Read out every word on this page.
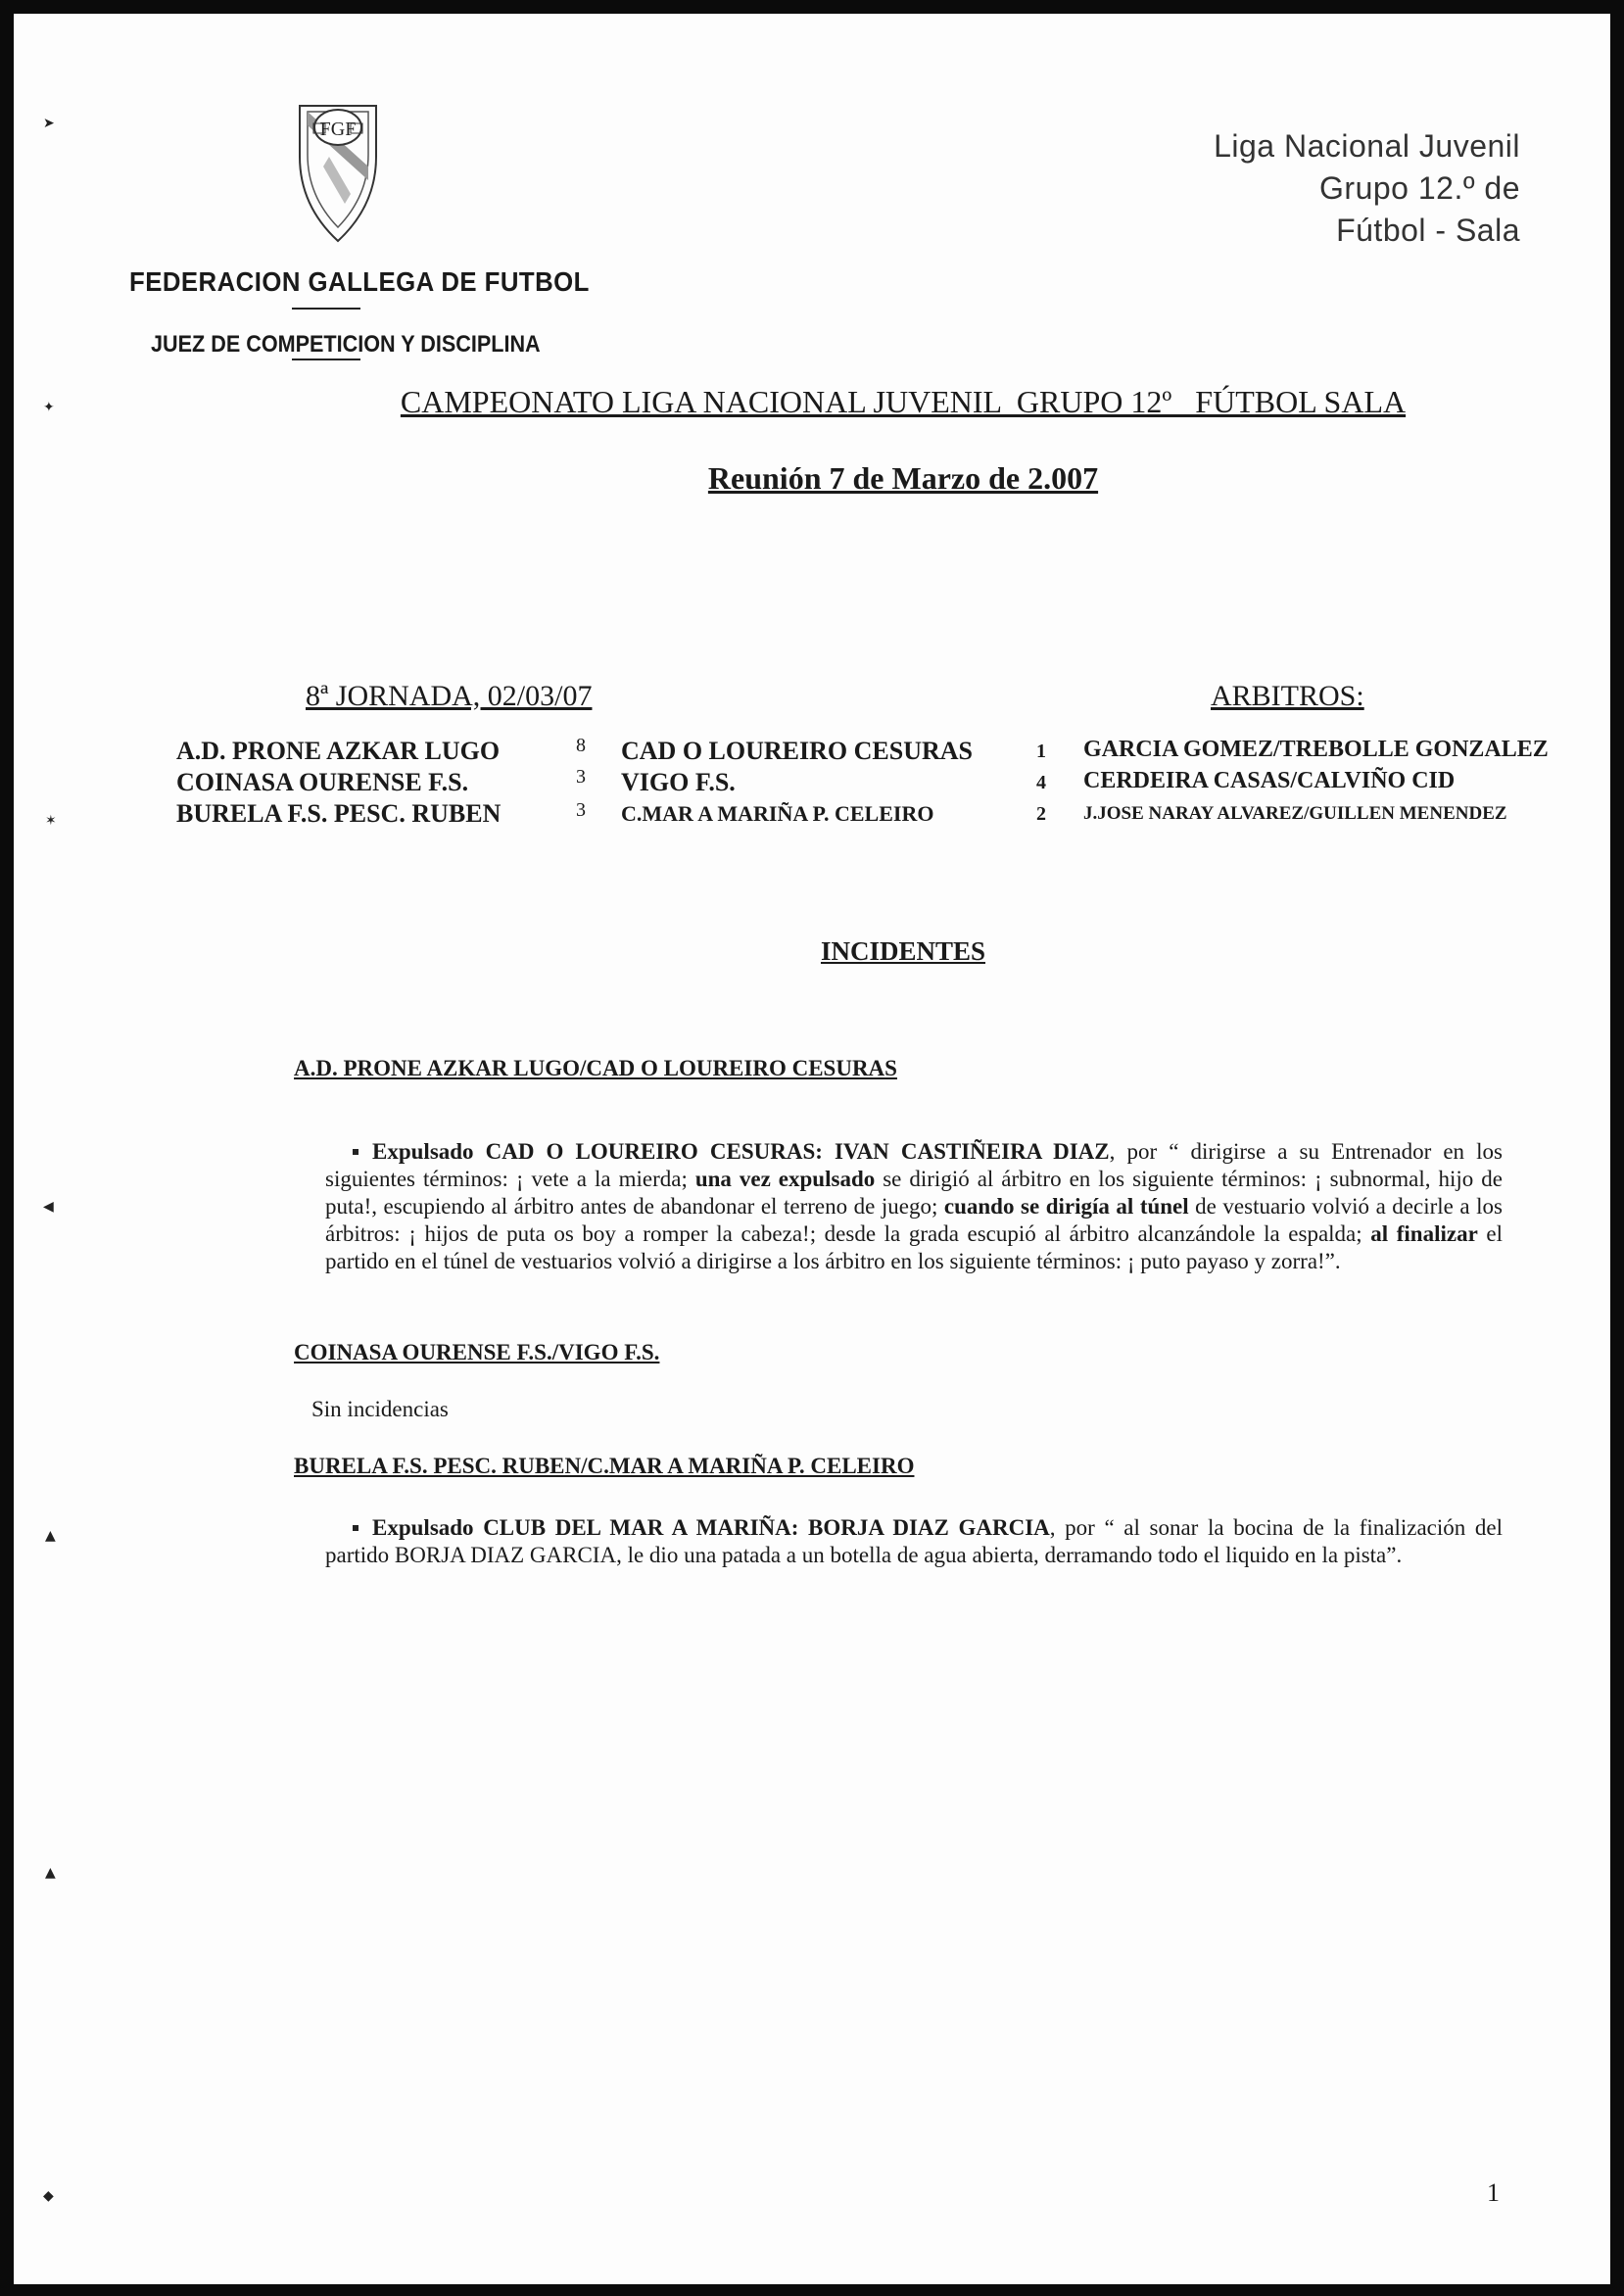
FGF
FEDERACION GALLEGA DE FUTBOL
JUEZ DE COMPETICION Y DISCIPLINA
Liga Nacional Juvenil
Grupo 12.º de
Fútbol - Sala
CAMPEONATO LIGA NACIONAL JUVENIL  GRUPO 12º   FÚTBOL SALA
Reunión 7 de Marzo de 2.007
8ª JORNADA, 02/03/07	ARBITROS:
A.D. PRONE AZKAR LUGO	8 CAD O LOUREIRO CESURAS	1 GARCIA GOMEZ/TREBOLLE GONZALEZ
COINASA OURENSE F.S.	3 VIGO F.S.	4 CERDEIRA CASAS/CALVIÑO CID
BURELA F.S. PESC. RUBEN	3 C.MAR A MARIÑA P. CELEIRO	2 J.JOSE NARAY ALVAREZ/GUILLEN MENENDEZ
INCIDENTES
A.D. PRONE AZKAR LUGO/CAD O LOUREIRO CESURAS
Expulsado CAD O LOUREIRO CESURAS: IVAN CASTIÑEIRA DIAZ, por “ dirigirse a su Entrenador en los siguientes términos: ¡ vete a la mierda; una vez expulsado se dirigió al árbitro en los siguiente términos: ¡ subnormal, hijo de puta!, escupiendo al árbitro antes de abandonar el terreno de juego; cuando se dirigía al túnel de vestuario volvió a decirle a los árbitros: ¡ hijos de puta os boy a romper la cabeza!; desde la grada escupió al árbitro alcanzándole la espalda; al finalizar el partido en el túnel de vestuarios volvió a dirigirse a los árbitro en los siguiente términos: ¡ puto payaso y zorra!”.
COINASA OURENSE F.S./VIGO F.S.
Sin incidencias
BURELA F.S. PESC. RUBEN/C.MAR A MARIÑA P. CELEIRO
Expulsado CLUB DEL MAR A MARIÑA: BORJA DIAZ GARCIA, por “ al sonar la bocina de la finalización del partido BORJA DIAZ GARCIA, le dio una patada a un botella de agua abierta, derramando todo el liquido en la pista”.
1
➤
✦
✶
◀
▲
▲
◆
